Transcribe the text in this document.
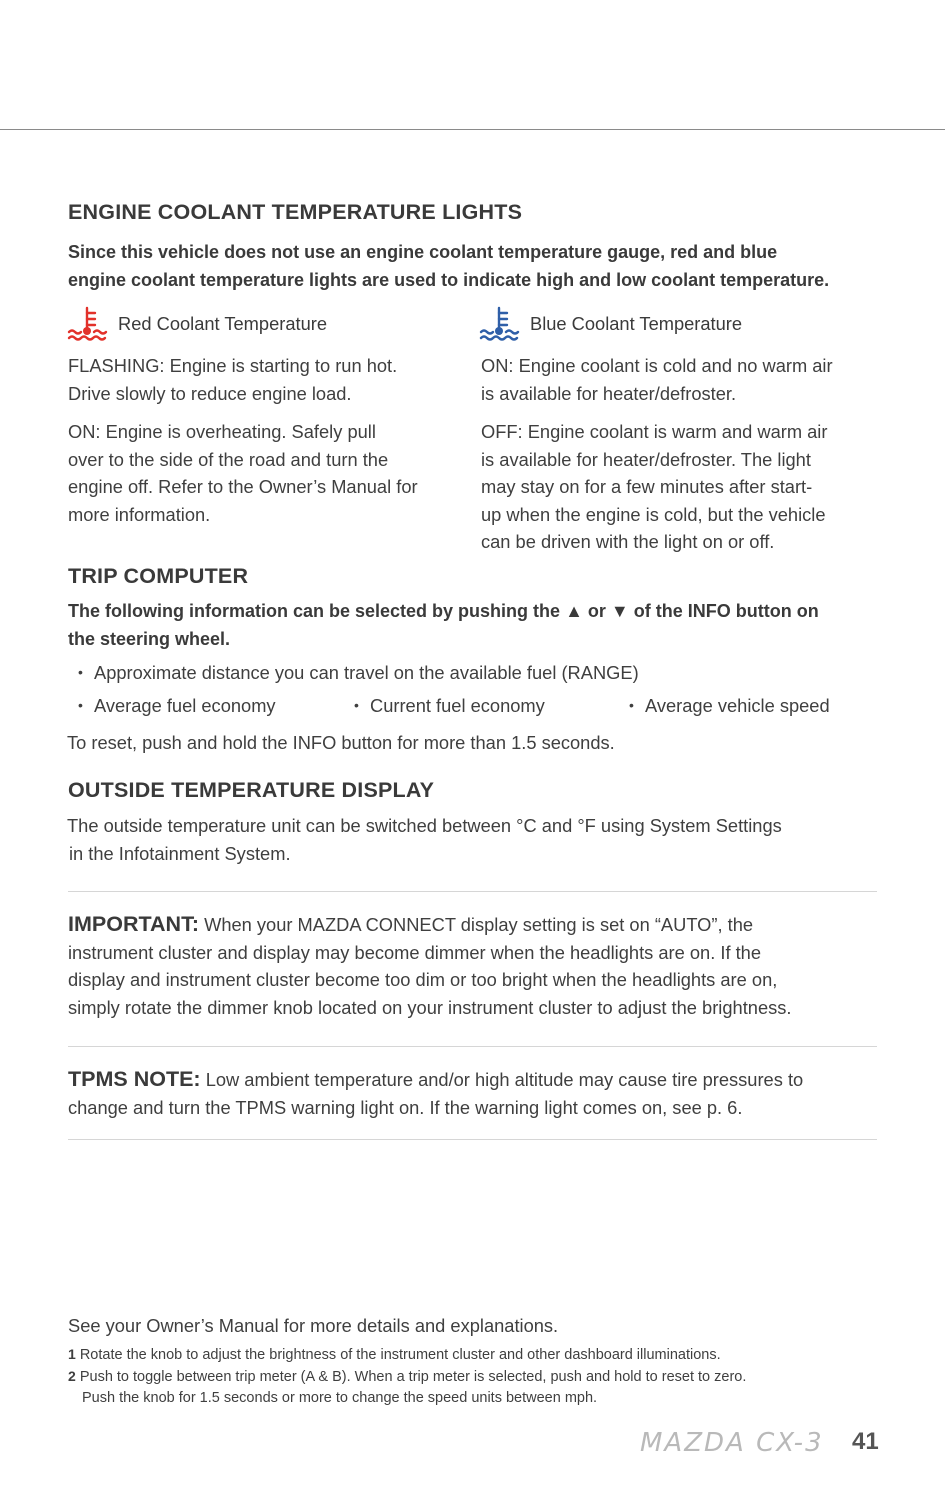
ENGINE COOLANT TEMPERATURE LIGHTS
Since this vehicle does not use an engine coolant temperature gauge, red and blue
engine coolant temperature lights are used to indicate high and low coolant temperature.
Red Coolant Temperature
FLASHING: Engine is starting to run hot.
Drive slowly to reduce engine load.
ON: Engine is overheating. Safely pull
over to the side of the road and turn the
engine off. Refer to the Owner’s Manual for
more information.
Blue Coolant Temperature
ON: Engine coolant is cold and no warm air
is available for heater/defroster.
OFF: Engine coolant is warm and warm air
is available for heater/defroster. The light
may stay on for a few minutes after start-
up when the engine is cold, but the vehicle
can be driven with the light on or off.
TRIP COMPUTER
The following information can be selected by pushing the ▲ or ▼ of the INFO button on
the steering wheel.
• Approximate distance you can travel on the available fuel (RANGE)
• Average fuel economy	• Current fuel economy	• Average vehicle speed
To reset, push and hold the INFO button for more than 1.5 seconds.
OUTSIDE TEMPERATURE DISPLAY
The outside temperature unit can be switched between °C and °F using System Settings
in the Infotainment System.
IMPORTANT: When your MAZDA CONNECT display setting is set on “AUTO”, the
instrument cluster and display may become dimmer when the headlights are on. If the
display and instrument cluster become too dim or too bright when the headlights are on,
simply rotate the dimmer knob located on your instrument cluster to adjust the brightness.
TPMS NOTE: Low ambient temperature and/or high altitude may cause tire pressures to
change and turn the TPMS warning light on. If the warning light comes on, see p. 6.
See your Owner’s Manual for more details and explanations.
1 Rotate the knob to adjust the brightness of the instrument cluster and other dashboard illuminations.
2 Push to toggle between trip meter (A & B). When a trip meter is selected, push and hold to reset to zero.
Push the knob for 1.5 seconds or more to change the speed units between mph.
MAZDA CX-3 41
